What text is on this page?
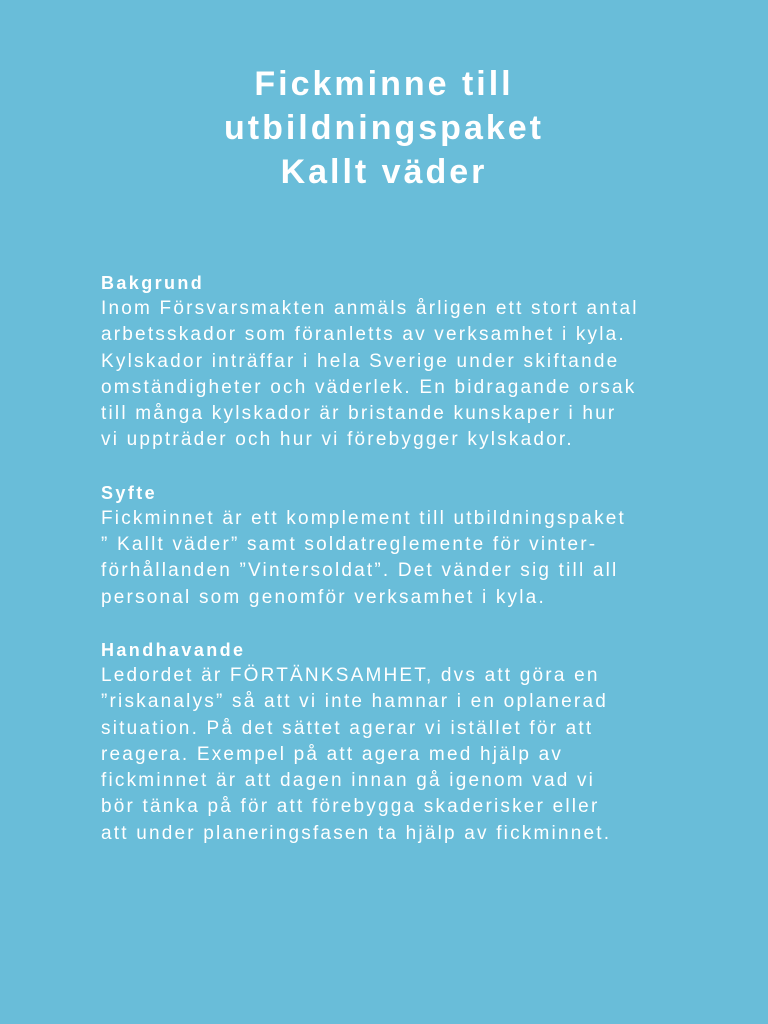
Fickminne till
utbildningspaket
Kallt väder
Bakgrund

Inom Försvarsmakten anmäls årligen ett stort antal
arbetsskador som föranletts av verksamhet i kyla.
Kylskador inträffar i hela Sverige under skiftande
omständigheter och väderlek. En bidragande orsak
till många kylskador är bristande kunskaper i hur
vi uppträder och hur vi förebygger kylskador.

Syfte

Fickminnet är ett komplement till utbildningspaket
” Kallt väder” samt soldatreglemente för vinter-
förhållanden ”Vintersoldat”. Det vänder sig till all
personal som genomför verksamhet i kyla.

Handhavande

Ledordet är FÖRTÄNKSAMHET, dvs att göra en
”riskanalys” så att vi inte hamnar i en oplanerad
situation. På det sättet agerar vi istället för att
reagera. Exempel på att agera med hjälp av
fickminnet är att dagen innan gå igenom vad vi
bör tänka på för att förebygga skaderisker eller
att under planeringsfasen ta hjälp av fickminnet.
